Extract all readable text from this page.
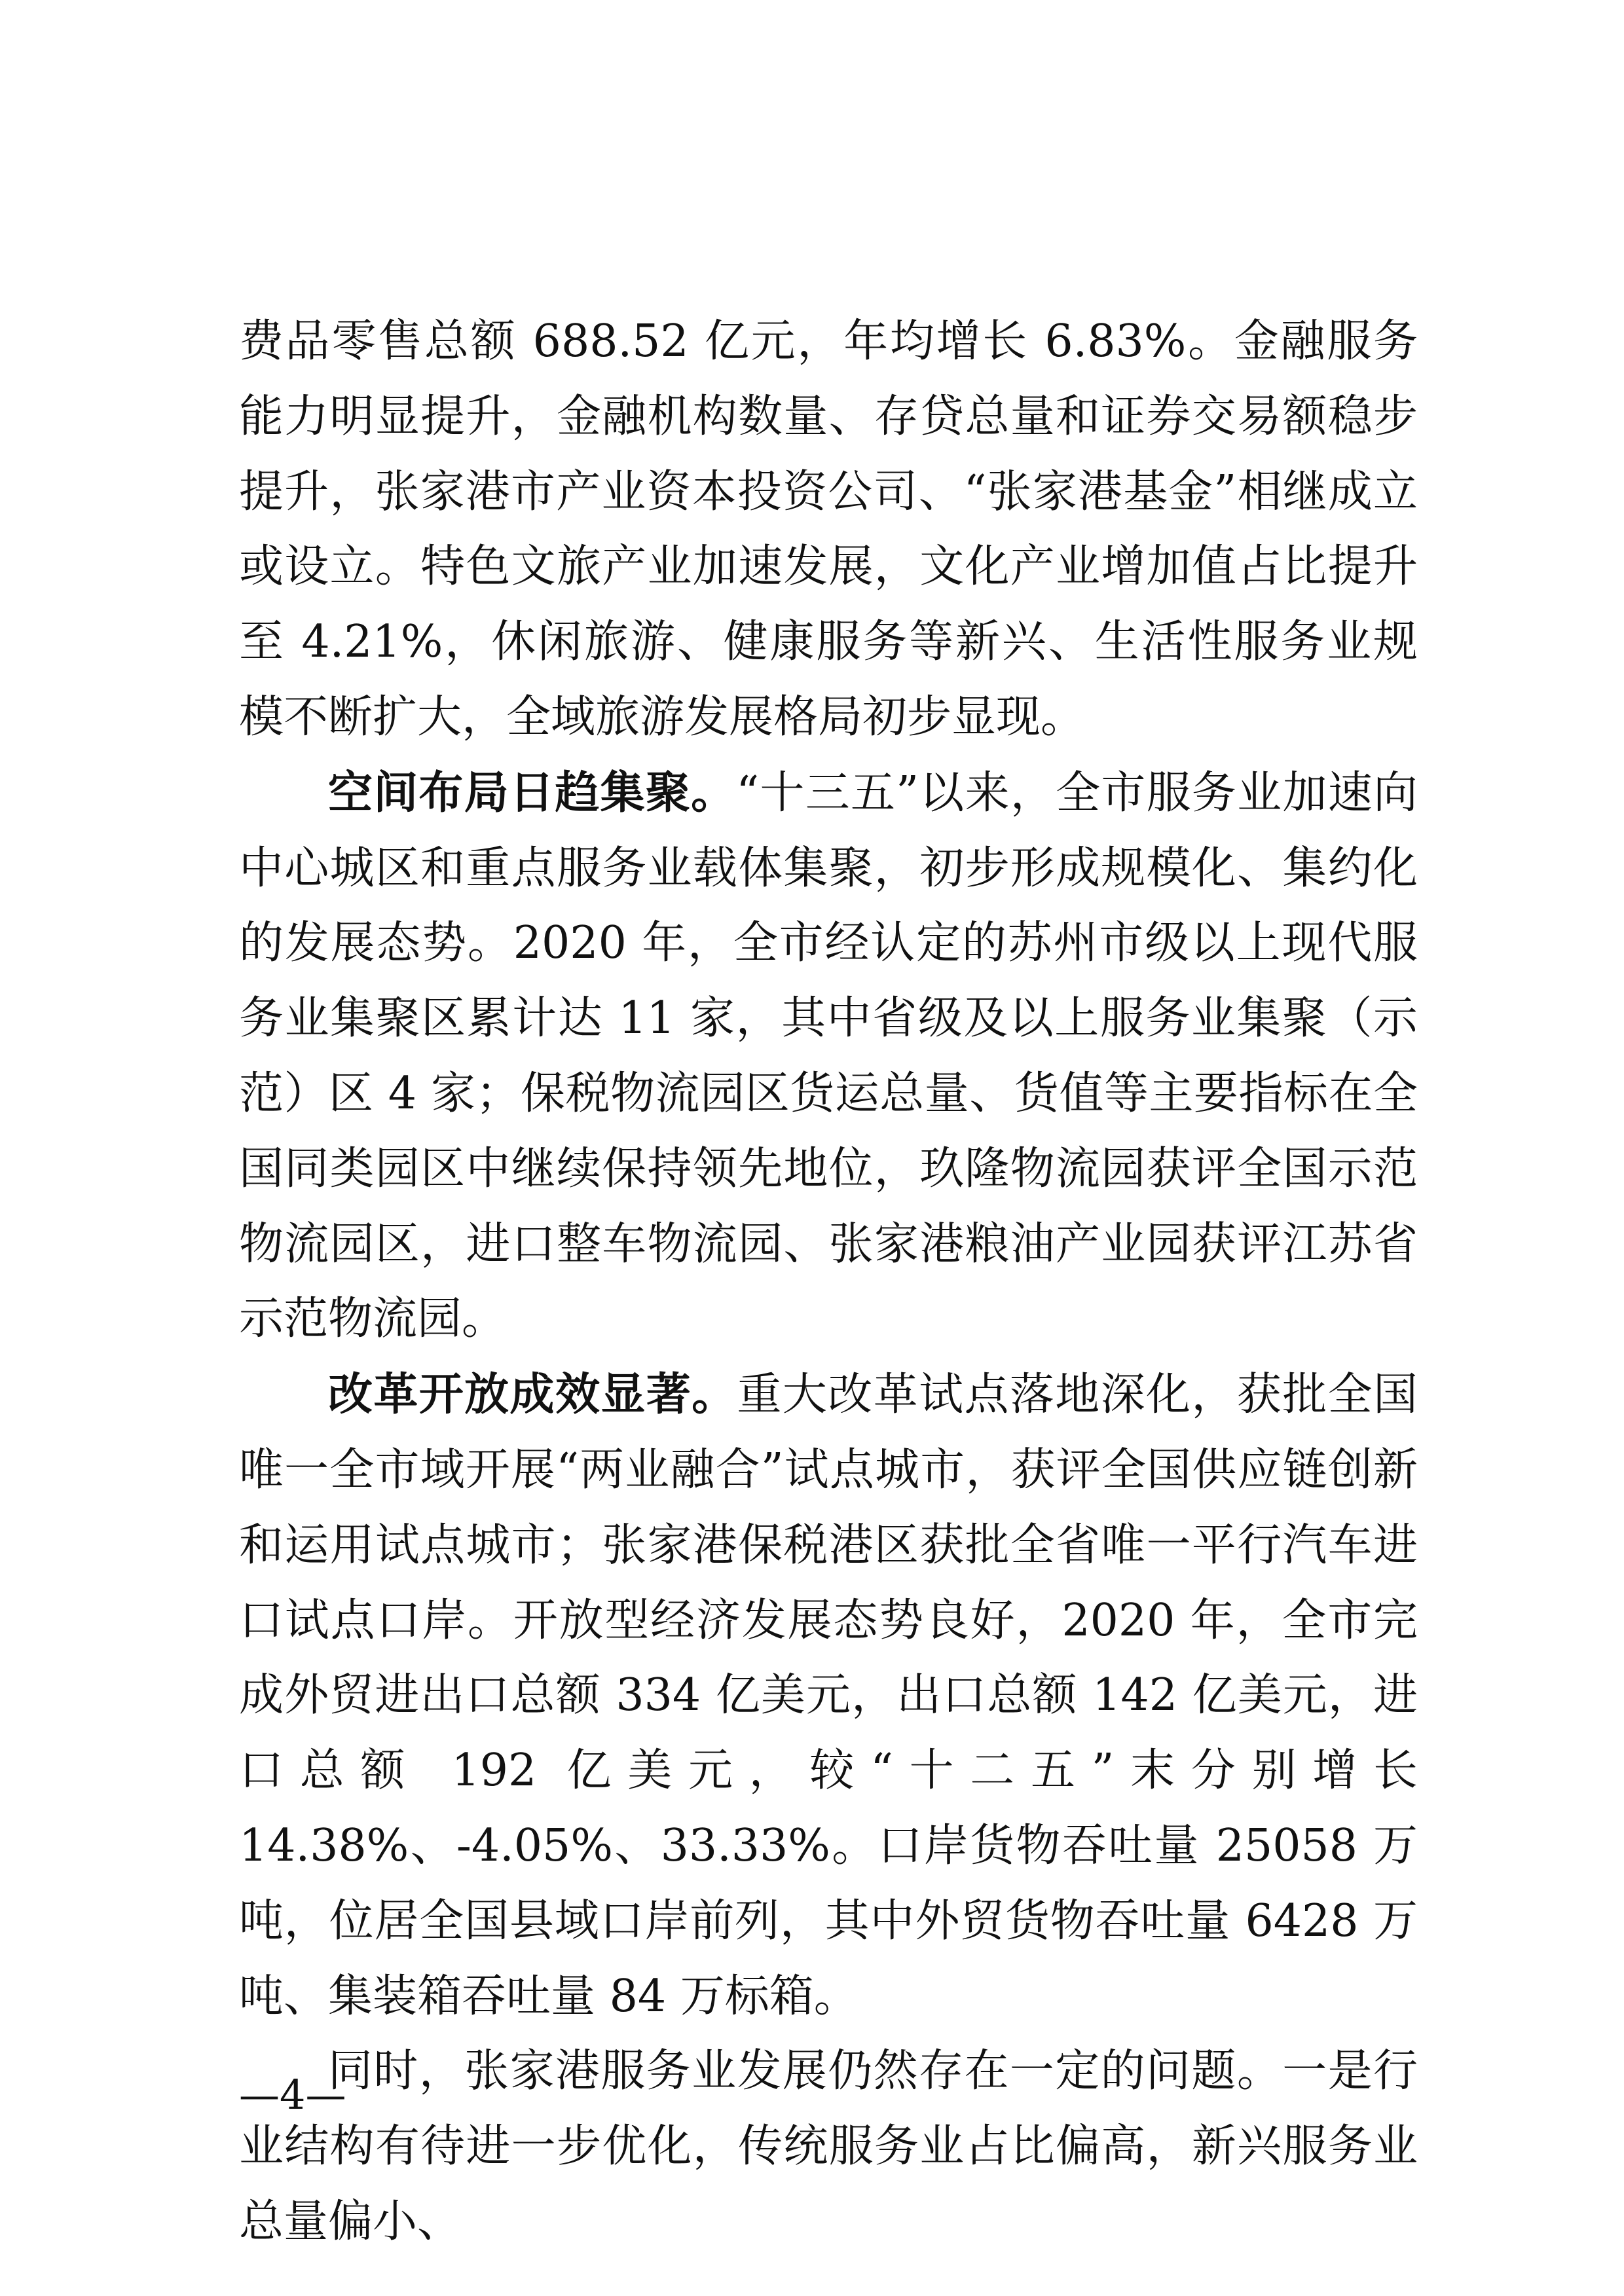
费品零售总额 688.52 亿元，年均增长 6.83%。金融服务能力明显提升，金融机构数量、存贷总量和证券交易额稳步提升，张家港市产业资本投资公司、“张家港基金”相继成立或设立。特色文旅产业加速发展，文化产业增加值占比提升至 4.21%，休闲旅游、健康服务等新兴、生活性服务业规模不断扩大，全域旅游发展格局初步显现。

空间布局日趋集聚。“十三五”以来，全市服务业加速向中心城区和重点服务业载体集聚，初步形成规模化、集约化的发展态势。2020 年，全市经认定的苏州市级以上现代服务业集聚区累计达 11 家，其中省级及以上服务业集聚（示范）区 4 家；保税物流园区货运总量、货值等主要指标在全国同类园区中继续保持领先地位，玖隆物流园获评全国示范物流园区，进口整车物流园、张家港粮油产业园获评江苏省示范物流园。

改革开放成效显著。重大改革试点落地深化，获批全国唯一全市域开展“两业融合”试点城市，获评全国供应链创新和运用试点城市；张家港保税港区获批全省唯一平行汽车进口试点口岸。开放型经济发展态势良好，2020 年，全市完成外贸进出口总额 334 亿美元，出口总额 142 亿美元，进口总额 192 亿美元，较“十二五”末分别增长 14.38%、-4.05%、33.33%。口岸货物吞吐量 25058 万吨，位居全国县域口岸前列，其中外贸货物吞吐量 6428 万吨、集装箱吞吐量 84 万标箱。

同时，张家港服务业发展仍然存在一定的问题。一是行业结构有待进一步优化，传统服务业占比偏高，新兴服务业总量偏小、

—4—
